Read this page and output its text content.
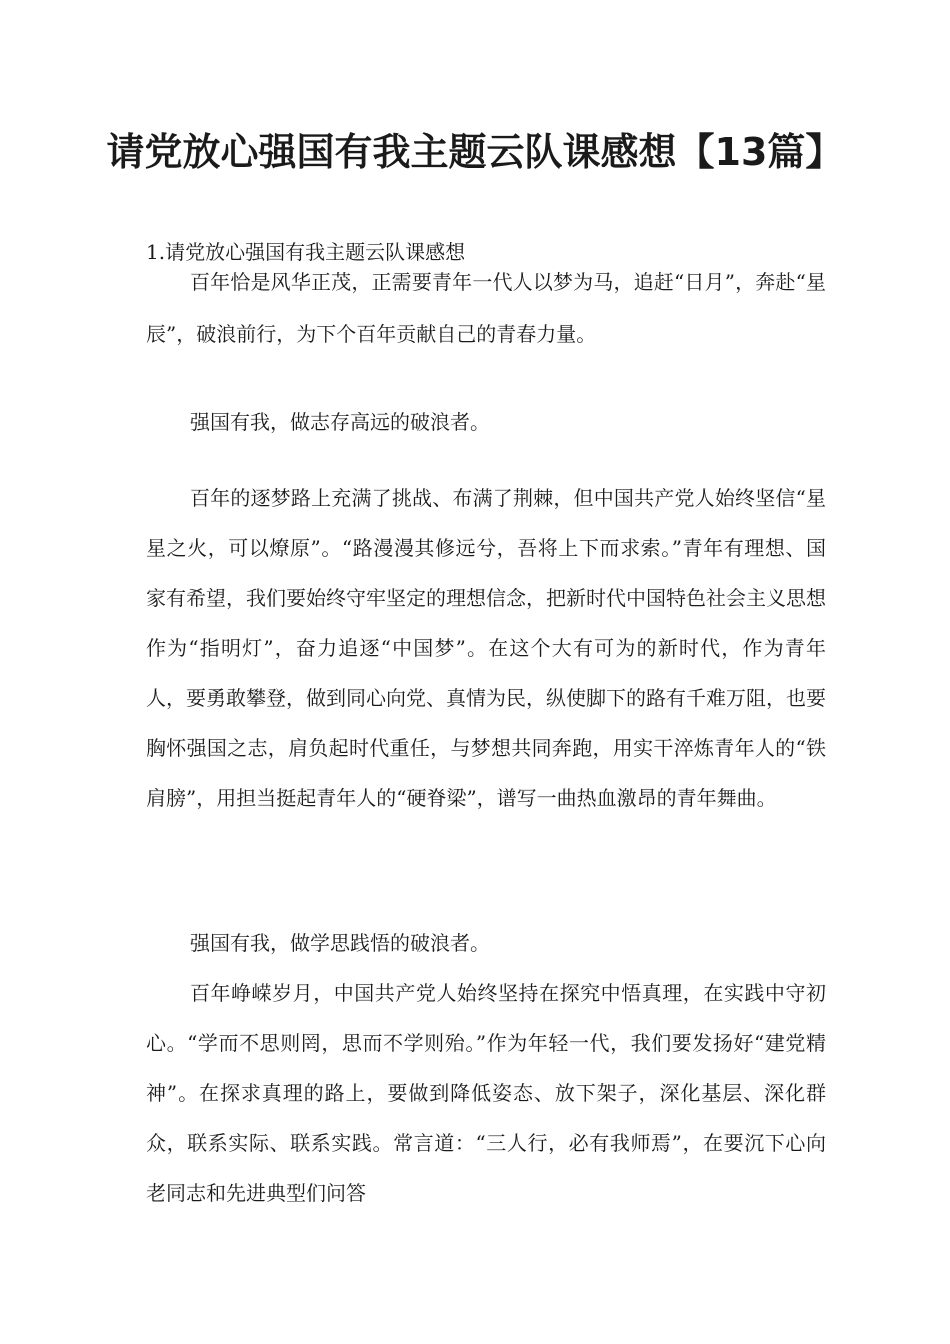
请党放心强国有我主题云队课感想【13篇】

1.请党放心强国有我主题云队课感想

百年恰是风华正茂，正需要青年一代人以梦为马，追赶“日月”，奔赴“星辰”，破浪前行，为下个百年贡献自己的青春力量。

强国有我，做志存高远的破浪者。

百年的逐梦路上充满了挑战、布满了荆棘，但中国共产党人始终坚信“星星之火，可以燎原”。“路漫漫其修远兮，吾将上下而求索。”青年有理想、国家有希望，我们要始终守牢坚定的理想信念，把新时代中国特色社会主义思想作为“指明灯”，奋力追逐“中国梦”。在这个大有可为的新时代，作为青年人，要勇敢攀登，做到同心向党、真情为民，纵使脚下的路有千难万阻，也要胸怀强国之志，肩负起时代重任，与梦想共同奔跑，用实干淬炼青年人的“铁肩膀”，用担当挺起青年人的“硬脊梁”，谱写一曲热血激昂的青年舞曲。

强国有我，做学思践悟的破浪者。

百年峥嵘岁月，中国共产党人始终坚持在探究中悟真理，在实践中守初心。“学而不思则罔，思而不学则殆。”作为年轻一代，我们要发扬好“建党精神”。在探求真理的路上，要做到降低姿态、放下架子，深化基层、深化群众，联系实际、联系实践。常言道：“三人行，必有我师焉”，在要沉下心向老同志和先进典型们问答
